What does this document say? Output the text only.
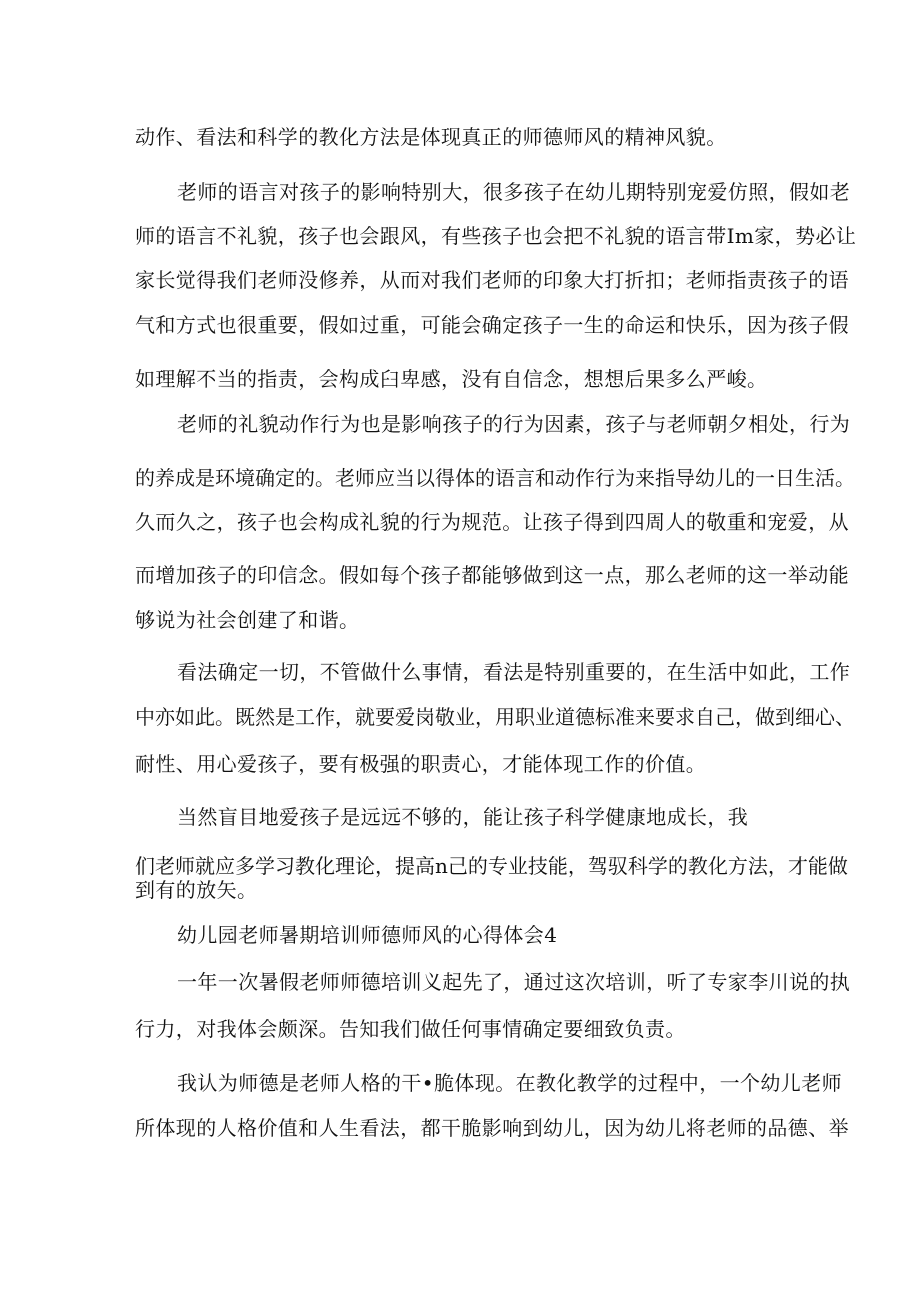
动作、看法和科学的教化方法是体现真正的师德师风的精神风貌。
老师的语言对孩子的影响特别大，很多孩子在幼儿期特别宠爱仿照，假如老
师的语言不礼貌，孩子也会跟风，有些孩子也会把不礼貌的语言带Im家，势必让
家长觉得我们老师没修养，从而对我们老师的印象大打折扣；老师指责孩子的语
气和方式也很重要，假如过重，可能会确定孩子一生的命运和快乐，因为孩子假
如理解不当的指责，会构成臼卑感，没有自信念，想想后果多么严峻。
老师的礼貌动作行为也是影响孩子的行为因素，孩子与老师朝夕相处，行为
的养成是环境确定的。老师应当以得体的语言和动作行为来指导幼儿的一日生活。
久而久之，孩子也会构成礼貌的行为规范。让孩子得到四周人的敬重和宠爱，从
而增加孩子的印信念。假如每个孩子都能够做到这一点，那么老师的这一举动能
够说为社会创建了和谐。
看法确定一切，不管做什么事情，看法是特别重要的，在生活中如此，工作
中亦如此。既然是工作，就要爱岗敬业，用职业道德标准来要求自己，做到细心、
耐性、用心爱孩子，要有极强的职责心，才能体现工作的价值。
当然盲目地爱孩子是远远不够的，能让孩子科学健康地成长，我
们老师就应多学习教化理论，提高n己的专业技能，驾驭科学的教化方法，才能做
到有的放矢。
幼儿园老师暑期培训师德师风的心得体会4
一年一次暑假老师师德培训义起先了，通过这次培训，听了专家李川说的执
行力，对我体会颇深。告知我们做任何事情确定要细致负责。
我认为师德是老师人格的干•脆体现。在教化教学的过程中，一个幼儿老师
所体现的人格价值和人生看法，都干脆影响到幼儿，因为幼儿将老师的品德、举
